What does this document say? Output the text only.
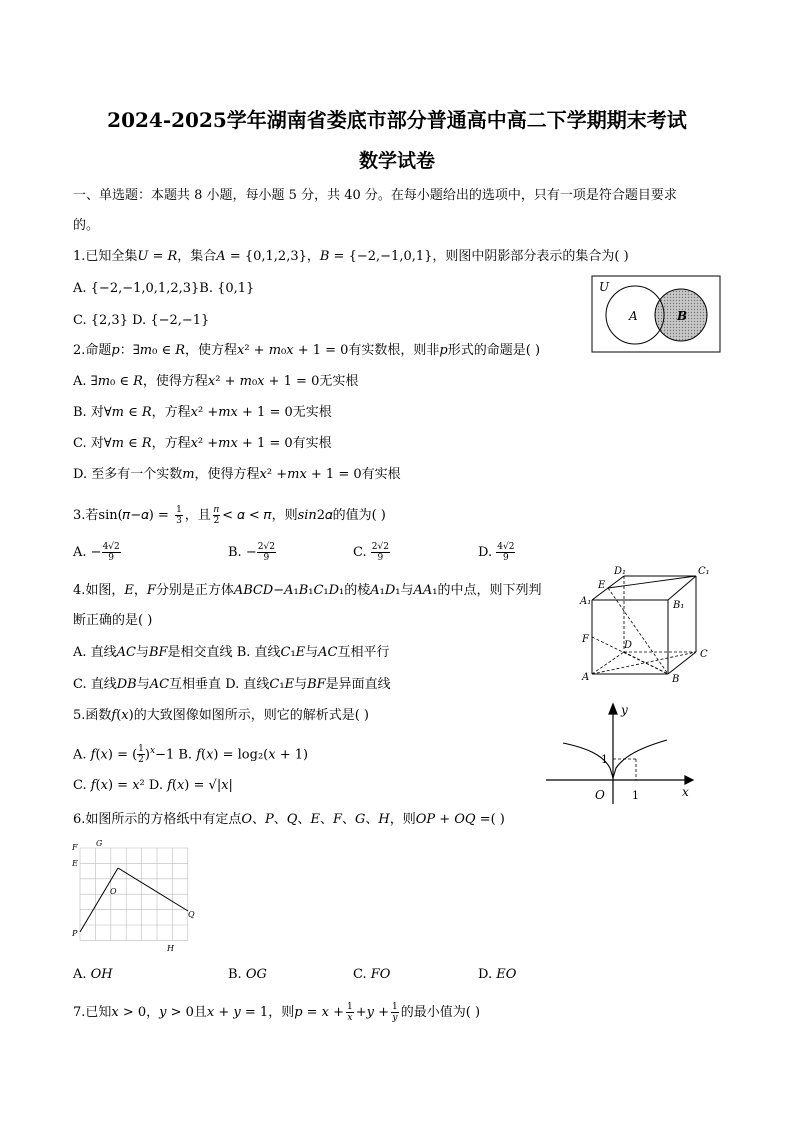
2024-2025学年湖南省娄底市部分普通高中高二下学期期末考试
数学试卷
一、单选题：本题共 8 小题，每小题 5 分，共 40 分。在每小题给出的选项中，只有一项是符合题目要求
的。
1.已知全集𝑈 = 𝑅，集合𝐴 = {0,1,2,3}，𝐵 = {−2,−1,0,1}，则图中阴影部分表示的集合为( )
A. {−2,−1,0,1,2,3}B. {0,1}
C. {2,3} D. {−2,−1}
U
A	B
2.命题𝑝：∃𝑚₀ ∈ 𝑅，使方程𝑥² + 𝑚₀𝑥 + 1 = 0有实数根，则非𝑝形式的命题是( )
A. ∃𝑚₀ ∈ 𝑅，使得方程𝑥² + 𝑚₀𝑥 + 1 = 0无实根
B. 对∀𝑚 ∈ 𝑅，方程𝑥² +𝑚𝑥 + 1 = 0无实根
C. 对∀𝑚 ∈ 𝑅，方程𝑥² +𝑚𝑥 + 1 = 0有实根
D. 至多有一个实数𝑚，使得方程𝑥² +𝑚𝑥 + 1 = 0有实根
3.若sin(𝜋−𝛼) = $\frac{1}{3}$ ，且 𝜋
2 < 𝛼 < 𝜋，则𝑠𝑖𝑛2𝛼的值为( )
A. − $\frac{4√2}{9}$	B. − $\frac{2√2}{9}$	C. $\frac{2√2}{9}$	D. $\frac{4√2}{9}$
4.如图，𝐸，𝐹分别是正方体𝐴𝐵𝐶𝐷−𝐴₁𝐵₁𝐶₁𝐷₁的棱𝐴₁𝐷₁与𝐴𝐴₁的中点，则下列判
断正确的是( )
A. 直线𝐴𝐶与𝐵𝐹是相交直线 B. 直线𝐶₁𝐸与𝐴𝐶互相平行
C. 直线𝐷𝐵与𝐴𝐶互相垂直 D. 直线𝐶₁𝐸与𝐵𝐹是异面直线
D₁	C₁
E
A₁	B₁
F
D
C
A	B
5.函数𝑓(𝑥)的大致图像如图所示，则它的解析式是( )
A. 𝑓(𝑥) = ( $\frac{1}{2} )^𝑥-1$ B. 𝑓(𝑥) = log₂(𝑥 + 1)
C. 𝑓(𝑥) = 𝑥² D. 𝑓(𝑥) = √|𝑥|
y
x
O 1
1
6.如图所示的方格纸中有定点𝑂、𝑃、𝑄、𝐸、𝐹、𝐺、𝐻，则𝑂𝑃 + 𝑂𝑄 =( )
F G
E
O
Q
P
H
A. 𝑂𝐻	B. 𝑂𝐺	C. 𝐹𝑂	D. 𝐸𝑂
7.已知𝑥 > 0，𝑦 > 0且𝑥 + 𝑦 = 1，则𝑝 = 𝑥 + 1
𝑥 +𝑦 + 1
𝑦 的最小值为( )
